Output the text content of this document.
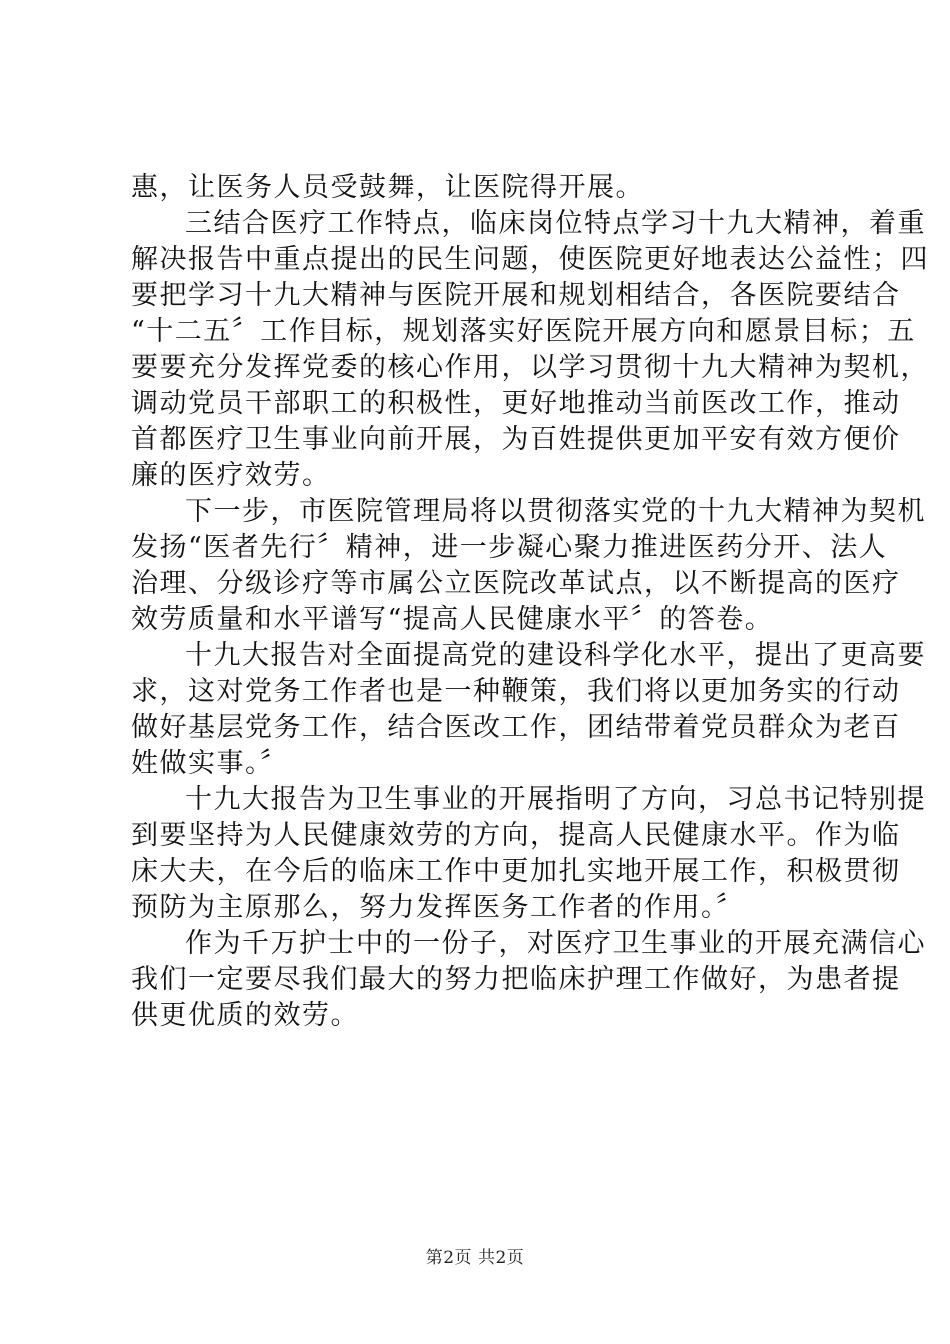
惠，让医务人员受鼓舞，让医院得开展。
三结合医疗工作特点，临床岗位特点学习十九大精神，着重
解决报告中重点提出的民生问题，使医院更好地表达公益性；四
要把学习十九大精神与医院开展和规划相结合，各医院要结合
“十二五〞工作目标，规划落实好医院开展方向和愿景目标；五
要要充分发挥党委的核心作用，以学习贯彻十九大精神为契机，
调动党员干部职工的积极性，更好地推动当前医改工作，推动
首都医疗卫生事业向前开展，为百姓提供更加平安有效方便价
廉的医疗效劳。
下一步，市医院管理局将以贯彻落实党的十九大精神为契机
发扬“医者先行〞精神，进一步凝心聚力推进医药分开、法人
治理、分级诊疗等市属公立医院改革试点，以不断提高的医疗
效劳质量和水平谱写“提高人民健康水平〞的答卷。
十九大报告对全面提高党的建设科学化水平，提出了更高要
求，这对党务工作者也是一种鞭策，我们将以更加务实的行动
做好基层党务工作，结合医改工作，团结带着党员群众为老百
姓做实事。〞
十九大报告为卫生事业的开展指明了方向，习总书记特别提
到要坚持为人民健康效劳的方向，提高人民健康水平。作为临
床大夫，在今后的临床工作中更加扎实地开展工作，积极贯彻
预防为主原那么，努力发挥医务工作者的作用。〞
作为千万护士中的一份子，对医疗卫生事业的开展充满信心
我们一定要尽我们最大的努力把临床护理工作做好，为患者提
供更优质的效劳。
第2页 共2页
